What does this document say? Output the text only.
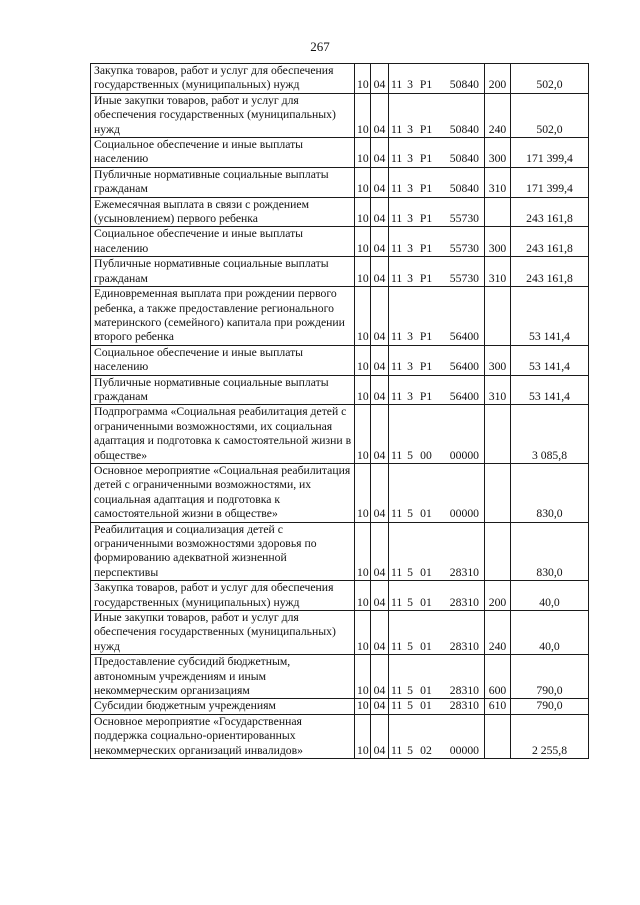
267
Закупка товаров, работ и услуг для обеспечения государственных (муниципальных) нужд	10	04	11 3 P1 50840	200	502,0
Иные закупки товаров, работ и услуг для обеспечения государственных (муниципальных) нужд	10	04	11 3 P1 50840	240	502,0
Социальное обеспечение и иные выплаты населению	10	04	11 3 P1 50840	300	171 399,4
Публичные нормативные социальные выплаты гражданам	10	04	11 3 P1 50840	310	171 399,4
Ежемесячная выплата в связи с рождением (усыновлением) первого ребенка	10	04	11 3 P1 55730		243 161,8
Социальное обеспечение и иные выплаты населению	10	04	11 3 P1 55730	300	243 161,8
Публичные нормативные социальные выплаты гражданам	10	04	11 3 P1 55730	310	243 161,8
Единовременная выплата при рождении первого ребенка, а также предоставление регионального материнского (семейного) капитала при рождении второго ребенка	10	04	11 3 P1 56400		53 141,4
Социальное обеспечение и иные выплаты населению	10	04	11 3 P1 56400	300	53 141,4
Публичные нормативные социальные выплаты гражданам	10	04	11 3 P1 56400	310	53 141,4
Подпрограмма «Социальная реабилитация детей с ограниченными возможностями, их социальная адаптация и подготовка к самостоятельной жизни в обществе»	10	04	11 5 00 00000		3 085,8
Основное мероприятие «Социальная реабилитация детей с ограниченными возможностями, их социальная адаптация и подготовка к самостоятельной жизни в обществе»	10	04	11 5 01 00000		830,0
Реабилитация и социализация детей с ограниченными возможностями здоровья по формированию адекватной жизненной перспективы	10	04	11 5 01 28310		830,0
Закупка товаров, работ и услуг для обеспечения государственных (муниципальных) нужд	10	04	11 5 01 28310	200	40,0
Иные закупки товаров, работ и услуг для обеспечения государственных (муниципальных) нужд	10	04	11 5 01 28310	240	40,0
Предоставление субсидий бюджетным, автономным учреждениям и иным некоммерческим организациям	10	04	11 5 01 28310	600	790,0
Субсидии бюджетным учреждениям	10	04	11 5 01 28310	610	790,0
Основное мероприятие «Государственная поддержка социально-ориентированных некоммерческих организаций инвалидов»	10	04	11 5 02 00000		2 255,8
